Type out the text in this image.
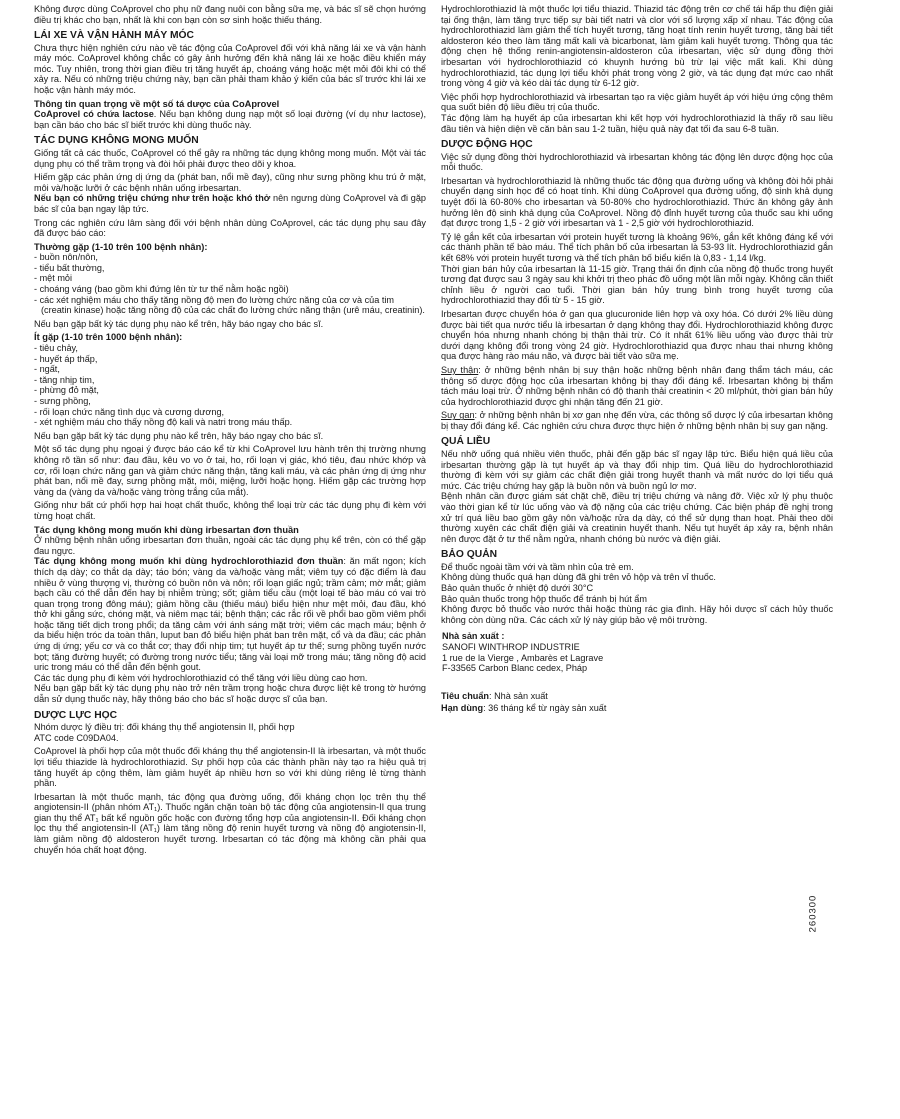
Không được dùng CoAprovel cho phụ nữ đang nuôi con bằng sữa mẹ, và bác sĩ sẽ chọn hướng điều trị khác cho bạn, nhất là khi con bạn còn sơ sinh hoặc thiếu tháng.

LÁI XE VÀ VẬN HÀNH MÁY MÓC

Chưa thực hiện nghiên cứu nào về tác động của CoAprovel đối với khả năng lái xe và vận hành máy móc. CoAprovel không chắc có gây ảnh hưởng đến khả năng lái xe hoặc điều khiển máy móc. Tuy nhiên, trong thời gian điều trị tăng huyết áp, choáng váng hoặc mệt mỏi đôi khi có thể xảy ra. Nếu có những triệu chứng này, bạn cần phải tham khảo ý kiến của bác sĩ trước khi lái xe hoặc vận hành máy móc.

Thông tin quan trọng về một số tá dược của CoAprovel

CoAprovel có chứa lactose. Nếu bạn không dung nạp một số loại đường (ví dụ như lactose), bạn cần báo cho bác sĩ biết trước khi dùng thuốc này.

TÁC DỤNG KHÔNG MONG MUỐN

Giống tất cả các thuốc, CoAprovel có thể gây ra những tác dụng không mong muốn. Một vài tác dụng phụ có thể trầm trọng và đòi hỏi phải được theo dõi y khoa.

Hiếm gặp các phản ứng dị ứng da (phát ban, nổi mề đay), cũng như sưng phồng khu trú ở mặt, môi và/hoặc lưỡi ở các bệnh nhân uống irbesartan.

Nếu bạn có những triệu chứng như trên hoặc khó thở nên ngưng dùng CoAprovel và đi gặp bác sĩ của bạn ngay lập tức.

Trong các nghiên cứu lâm sàng đối với bệnh nhân dùng CoAprovel, các tác dụng phụ sau đây đã được báo cáo:

Thường gặp (1-10 trên 100 bệnh nhân):
- buồn nôn/nôn,
- tiểu bất thường,
- mệt mỏi
- choáng váng (bao gồm khi đứng lên từ tư thế nằm hoặc ngồi)
- các xét nghiệm máu cho thấy tăng nồng độ men đo lường chức năng của cơ và của tim (creatin kinase) hoặc tăng nồng độ của các chất đo lường chức năng thận (urê máu, creatinin).

Nếu bạn gặp bất kỳ tác dụng phụ nào kể trên, hãy báo ngay cho bác sĩ.

Ít gặp (1-10 trên 1000 bệnh nhân):
- tiêu chảy,
- huyết áp thấp,
- ngất,
- tăng nhịp tim,
- phừng đỏ mặt,
- sưng phồng,
- rối loạn chức năng tình dục và cương dương,
- xét nghiệm máu cho thấy nồng độ kali và natri trong máu thấp.

Nếu bạn gặp bất kỳ tác dụng phụ nào kể trên, hãy báo ngay cho bác sĩ.

Một số tác dụng phụ ngoại ý được báo cáo kể từ khi CoAprovel lưu hành trên thị trường nhưng không rõ tần số như: đau đầu, kêu vo vo ở tai, ho, rối loạn vị giác, khó tiêu, đau nhức khớp và cơ, rối loạn chức năng gan và giảm chức năng thận, tăng kali máu, và các phản ứng dị ứng như phát ban, nổi mề đay, sưng phồng mặt, môi, miệng, lưỡi hoặc họng. Hiếm gặp các trường hợp vàng da (vàng da và/hoặc vàng tròng trắng của mắt).

Giống như bất cứ phối hợp hai hoạt chất thuốc, không thể loại trừ các tác dụng phụ đi kèm với từng hoạt chất.

Tác dụng không mong muốn khi dùng irbesartan đơn thuần

Ở những bệnh nhân uống irbesartan đơn thuần, ngoài các tác dụng phụ kể trên, còn có thể gặp đau ngực.

Tác dụng không mong muốn khi dùng hydrochlorothiazid đơn thuần: ăn mất ngon; kích thích dạ dày; co thắt dạ dày; táo bón; vàng da và/hoặc vàng mắt; viêm tụy có đặc điểm là đau nhiều ở vùng thượng vị, thường có buồn nôn và nôn; rối loạn giấc ngủ; trầm cảm; mờ mắt; giảm bạch cầu có thể dẫn đến hay bị nhiễm trùng; sốt; giảm tiểu cầu (một loại tế bào máu có vai trò quan trọng trong đông máu); giảm hồng cầu (thiếu máu) biểu hiện như mệt mỏi, đau đầu, khó thở khi gắng sức, chóng mặt, và niêm mạc tái; bệnh thận; các rắc rối về phổi bao gồm viêm phổi hoặc tăng tiết dịch trong phổi; da tăng cảm với ánh sáng mặt trời; viêm các mạch máu; bệnh ở da biểu hiện tróc da toàn thân, luput ban đỏ biểu hiện phát ban trên mặt, cổ và da đầu; các phản ứng dị ứng; yếu cơ và co thắt cơ; thay đổi nhịp tim; tụt huyết áp tư thế; sưng phồng tuyến nước bọt; tăng đường huyết; có đường trong nước tiểu; tăng vài loại mỡ trong máu; tăng nồng độ acid uric trong máu có thể dẫn đến bệnh gout.

Các tác dụng phụ đi kèm với hydrochlorothiazid có thể tăng với liều dùng cao hơn.

Nếu bạn gặp bất kỳ tác dụng phụ nào trở nên trầm trọng hoặc chưa được liệt kê trong tờ hướng dẫn sử dụng thuốc này, hãy thông báo cho bác sĩ hoặc dược sĩ của bạn.

DƯỢC LỰC HỌC

Nhóm dược lý điều trị: đối kháng thụ thể angiotensin II, phối hợp

ATC code C09DA04.

CoAprovel là phối hợp của một thuốc đối kháng thụ thể angiotensin-II là irbesartan, và một thuốc lợi tiểu thiazide là hydrochlorothiazid. Sự phối hợp của các thành phần này tạo ra hiệu quả trị tăng huyết áp cộng thêm, làm giảm huyết áp nhiều hơn so với khi dùng riêng lẻ từng thành phần.

Irbesartan là một thuốc mạnh, tác động qua đường uống, đối kháng chọn lọc trên thụ thể angiotensin-II (phân nhóm AT₁). Thuốc ngăn chặn toàn bộ tác động của angiotensin-II qua trung gian thụ thể AT₁ bất kể nguồn gốc hoặc con đường tổng hợp của angiotensin-II. Đối kháng chọn lọc thụ thể angiotensin-II (AT₁) làm tăng nồng độ renin huyết tương và nồng độ angiotensin-II, làm giảm nồng độ aldosteron huyết tương. Irbesartan có tác động mà không cần phải qua chuyển hóa chất hoạt động.

Hydrochlorothiazid là một thuốc lợi tiểu thiazid. Thiazid tác động trên cơ chế tái hấp thu điện giải tại ống thận, làm tăng trực tiếp sự bài tiết natri và clor với số lượng xấp xỉ nhau. Tác động của hydrochlorothiazid làm giảm thể tích huyết tương, tăng hoạt tính renin huyết tương, tăng bài tiết aldosteron kéo theo làm tăng mất kali và bicarbonat, làm giảm kali huyết tương. Thông qua tác động chẹn hệ thống renin-angiotensin-aldosteron của irbesartan, việc sử dụng đồng thời irbesartan với hydrochlorothiazid có khuynh hướng bù trừ lại việc mất kali. Khi dùng hydrochlorothiazid, tác dụng lợi tiểu khởi phát trong vòng 2 giờ, và tác dụng đạt mức cao nhất trong vòng 4 giờ và kéo dài tác dụng từ 6-12 giờ.

Việc phối hợp hydrochlorothiazid và irbesartan tạo ra việc giảm huyết áp với hiệu ứng cộng thêm qua suốt biên độ liều điều trị của thuốc.

Tác động làm hạ huyết áp của irbesartan khi kết hợp với hydrochlorothiazid là thấy rõ sau liều đầu tiên và hiện diện về căn bản sau 1-2 tuần, hiệu quả này đạt tối đa sau 6-8 tuần.

DƯỢC ĐỘNG HỌC

Việc sử dụng đồng thời hydrochlorothiazid và irbesartan không tác động lên dược động học của mỗi thuốc.

Irbesartan và hydrochlorothiazid là những thuốc tác động qua đường uống và không đòi hỏi phải chuyển dạng sinh học để có hoạt tính. Khi dùng CoAprovel qua đường uống, độ sinh khả dụng tuyệt đối là 60-80% cho irbesartan và 50-80% cho hydrochlorothiazid. Thức ăn không gây ảnh hưởng lên độ sinh khả dụng của CoAprovel. Nồng độ đỉnh huyết tương của thuốc sau khi uống đạt được trong 1,5 - 2 giờ với irbesartan và 1 - 2,5 giờ với hydrochlorothiazid.

Tỷ lệ gắn kết của irbesartan với protein huyết tương là khoảng 96%, gắn kết không đáng kể với các thành phần tế bào máu. Thể tích phân bố của irbesartan là 53-93 lít. Hydrochlorothiazid gắn kết 68% với protein huyết tương và thể tích phân bố biểu kiến là 0,83 - 1,14 l/kg.

Thời gian bán hủy của irbesartan là 11-15 giờ. Trạng thái ổn định của nồng độ thuốc trong huyết tương đạt được sau 3 ngày sau khi khởi trị theo phác đồ uống một lần mỗi ngày. Không cần thiết chỉnh liều ở người cao tuổi. Thời gian bán hủy trung bình trong huyết tương của hydrochlorothiazid thay đổi từ 5 - 15 giờ.

Irbesartan được chuyển hóa ở gan qua glucuronide liên hợp và oxy hóa. Có dưới 2% liều dùng được bài tiết qua nước tiểu là irbesartan ở dạng không thay đổi. Hydrochlorothiazid không được chuyển hóa nhưng nhanh chóng bị thận thải trừ. Có ít nhất 61% liều uống vào được thải trừ dưới dạng không đổi trong vòng 24 giờ. Hydrochlorothiazid qua được nhau thai nhưng không qua được hàng rào máu não, và được bài tiết vào sữa mẹ.

Suy thận: ở những bệnh nhân bị suy thận hoặc những bệnh nhân đang thẩm tách máu, các thông số dược động học của irbesartan không bị thay đổi đáng kể. Irbesartan không bị thẩm tách máu loại trừ. Ở những bệnh nhân có độ thanh thải creatinin < 20 ml/phút, thời gian bán hủy của hydrochlorothiazid được ghi nhận tăng đến 21 giờ.

Suy gan: ở những bệnh nhân bị xơ gan nhẹ đến vừa, các thông số dược lý của irbesartan không bị thay đổi đáng kể. Các nghiên cứu chưa được thực hiện ở những bệnh nhân bị suy gan nặng.

QUÁ LIỀU

Nếu nhỡ uống quá nhiều viên thuốc, phải đến gặp bác sĩ ngay lập tức. Biểu hiện quá liều của irbesartan thường gặp là tụt huyết áp và thay đổi nhịp tim. Quá liều do hydrochlorothiazid thường đi kèm với sự giảm các chất điện giải trong huyết thanh và mất nước do lợi tiểu quá mức. Các triệu chứng hay gặp là buồn nôn và buồn ngủ lơ mơ.

Bệnh nhân cần được giám sát chặt chẽ, điều trị triệu chứng và nâng đỡ. Việc xử lý phụ thuộc vào thời gian kể từ lúc uống vào và độ nặng của các triệu chứng. Các biện pháp đề nghị trong xử trí quá liều bao gồm gây nôn và/hoặc rửa dạ dày, có thể sử dụng than hoạt. Phải theo dõi thường xuyên các chất điện giải và creatinin huyết thanh. Nếu tụt huyết áp xảy ra, bệnh nhân nên được đặt ở tư thế nằm ngửa, nhanh chóng bù nước và điện giải.

BẢO QUẢN

Để thuốc ngoài tầm với và tầm nhìn của trẻ em.

Không dùng thuốc quá hạn dùng đã ghi trên vỏ hộp và trên vỉ thuốc.

Bảo quản thuốc ở nhiệt độ dưới 30°C

Bảo quản thuốc trong hộp thuốc để tránh bị hút ẩm

Không được bỏ thuốc vào nước thải hoặc thùng rác gia đình. Hãy hỏi dược sĩ cách hủy thuốc không còn dùng nữa. Các cách xử lý này giúp bảo vệ môi trường.

Nhà sản xuất :

SANOFI WINTHROP INDUSTRIE

1 rue de la Vierge , Ambarès et Lagrave

F-33565 Carbon Blanc cedex, Pháp

Tiêu chuẩn: Nhà sản xuất

Hạn dùng: 36 tháng kể từ ngày sản xuất

260300
